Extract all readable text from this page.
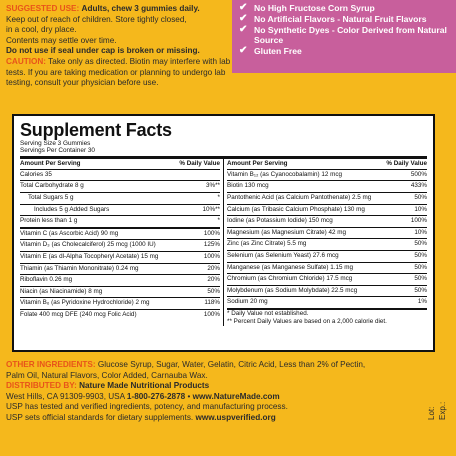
SUGGESTED USE: Adults, chew 3 gummies daily.
Keep out of reach of children. Store tightly closed,
in a cool, dry place.
Contents may settle over time.
Do not use if seal under cap is broken or missing.
CAUTION: Take only as directed. Biotin may interfere with lab tests. If you are taking medication or planning to undergo lab testing, consult your physician before use.
✔ No High Fructose Corn Syrup
✔ No Artificial Flavors - Natural Fruit Flavors
✔ No Synthetic Dyes - Color Derived from Natural Source
✔ Gluten Free
Supplement Facts
Serving Size 3 Gummies
Servings Per Container 30
Amount Per Serving	% Daily Value
Calories 35
Total Carbohydrate 8 g	3%**
Total Sugars 5 g	*
Includes 5 g Added Sugars	10%**
Protein less than 1 g	*
Vitamin C (as Ascorbic Acid) 90 mg	100%
Vitamin D₃ (as Cholecalciferol) 25 mcg (1000 IU)	125%
Vitamin E (as dl-Alpha Tocopheryl Acetate) 15 mg	100%
Thiamin (as Thiamin Mononitrate) 0.24 mg	20%
Riboflavin 0.26 mg	20%
Niacin (as Niacinamide) 8 mg	50%
Vitamin B₆ (as Pyridoxine Hydrochloride) 2 mg	118%
Folate 400 mcg DFE (240 mcg Folic Acid)	100%
Amount Per Serving	% Daily Value
Vitamin B₁₂ (as Cyanocobalamin) 12 mcg	500%
Biotin 130 mcg	433%
Pantothenic Acid (as Calcium Pantothenate) 2.5 mg	50%
Calcium (as Tribasic Calcium Phosphate) 130 mg	10%
Iodine (as Potassium Iodide) 150 mcg	100%
Magnesium (as Magnesium Citrate) 42 mg	10%
Zinc (as Zinc Citrate) 5.5 mg	50%
Selenium (as Selenium Yeast) 27.6 mcg	50%
Manganese (as Manganese Sulfate) 1.15 mg	50%
Chromium (as Chromium Chloride) 17.5 mcg	50%
Molybdenum (as Sodium Molybdate) 22.5 mcg	50%
Sodium 20 mg	1%
* Daily Value not established.
** Percent Daily Values are based on a 2,000 calorie diet.
OTHER INGREDIENTS: Glucose Syrup, Sugar, Water, Gelatin, Citric Acid, Less than 2% of Pectin, Palm Oil, Natural Flavors, Color Added, Carnauba Wax.
DISTRIBUTED BY: Nature Made Nutritional Products
West Hills, CA 91309-9903, USA 1-800-276-2878 • www.NatureMade.com
USP has tested and verified ingredients, potency, and manufacturing process.
USP sets official standards for dietary supplements. www.uspverified.org	Lot: Exp.:
